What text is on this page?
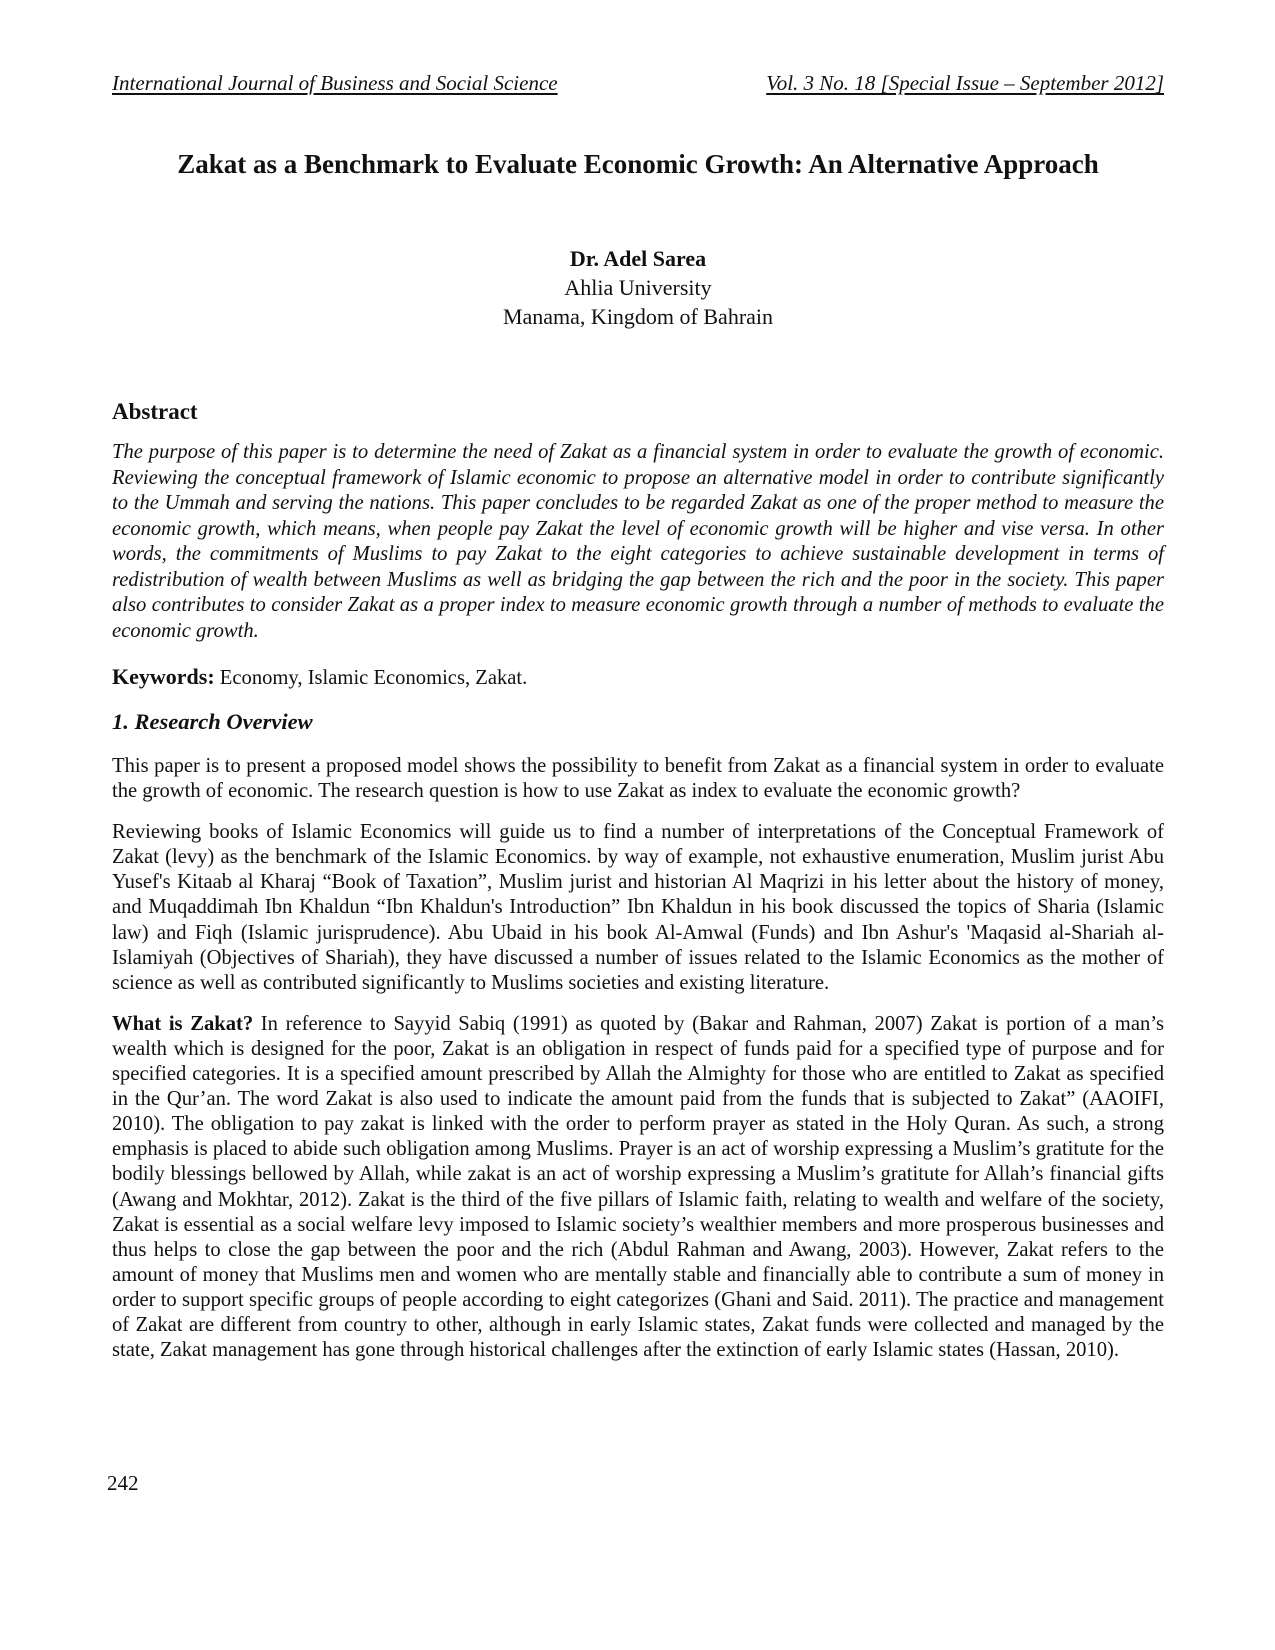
International Journal of Business and Social Science	Vol. 3 No. 18 [Special Issue – September 2012]
Zakat as a Benchmark to Evaluate Economic Growth: An Alternative Approach
Dr. Adel Sarea
Ahlia University
Manama, Kingdom of Bahrain
Abstract
The purpose of this paper is to determine the need of Zakat as a financial system in order to evaluate the growth of economic. Reviewing the conceptual framework of Islamic economic to propose an alternative model in order to contribute significantly to the Ummah and serving the nations. This paper concludes to be regarded Zakat as one of the proper method to measure the economic growth, which means, when people pay Zakat the level of economic growth will be higher and vise versa. In other words, the commitments of Muslims to pay Zakat to the eight categories to achieve sustainable development in terms of redistribution of wealth between Muslims as well as bridging the gap between the rich and the poor in the society. This paper also contributes to consider Zakat as a proper index to measure economic growth through a number of methods to evaluate the economic growth.
Keywords: Economy, Islamic Economics, Zakat.
1. Research Overview
This paper is to present a proposed model shows the possibility to benefit from Zakat as a financial system in order to evaluate the growth of economic. The research question is how to use Zakat as index to evaluate the economic growth?
Reviewing books of Islamic Economics will guide us to find a number of interpretations of the Conceptual Framework of Zakat (levy) as the benchmark of the Islamic Economics. by way of example, not exhaustive enumeration, Muslim jurist Abu Yusef's Kitaab al Kharaj “Book of Taxation”, Muslim jurist and historian Al Maqrizi in his letter about the history of money, and Muqaddimah Ibn Khaldun “Ibn Khaldun's Introduction” Ibn Khaldun in his book discussed the topics of Sharia (Islamic law) and Fiqh (Islamic jurisprudence). Abu Ubaid in his book Al-Amwal (Funds) and Ibn Ashur's 'Maqasid al-Shariah al-Islamiyah (Objectives of Shariah), they have discussed a number of issues related to the Islamic Economics as the mother of science as well as contributed significantly to Muslims societies and existing literature.
What is Zakat? In reference to Sayyid Sabiq (1991) as quoted by (Bakar and Rahman, 2007) Zakat is portion of a man’s wealth which is designed for the poor, Zakat is an obligation in respect of funds paid for a specified type of purpose and for specified categories. It is a specified amount prescribed by Allah the Almighty for those who are entitled to Zakat as specified in the Qur’an. The word Zakat is also used to indicate the amount paid from the funds that is subjected to Zakat” (AAOIFI, 2010). The obligation to pay zakat is linked with the order to perform prayer as stated in the Holy Quran. As such, a strong emphasis is placed to abide such obligation among Muslims. Prayer is an act of worship expressing a Muslim’s gratitute for the bodily blessings bellowed by Allah, while zakat is an act of worship expressing a Muslim’s gratitute for Allah’s financial gifts (Awang and Mokhtar, 2012). Zakat is the third of the five pillars of Islamic faith, relating to wealth and welfare of the society, Zakat is essential as a social welfare levy imposed to Islamic society’s wealthier members and more prosperous businesses and thus helps to close the gap between the poor and the rich (Abdul Rahman and Awang, 2003). However, Zakat refers to the amount of money that Muslims men and women who are mentally stable and financially able to contribute a sum of money in order to support specific groups of people according to eight categorizes (Ghani and Said. 2011). The practice and management of Zakat are different from country to other, although in early Islamic states, Zakat funds were collected and managed by the state, Zakat management has gone through historical challenges after the extinction of early Islamic states (Hassan, 2010).
242
